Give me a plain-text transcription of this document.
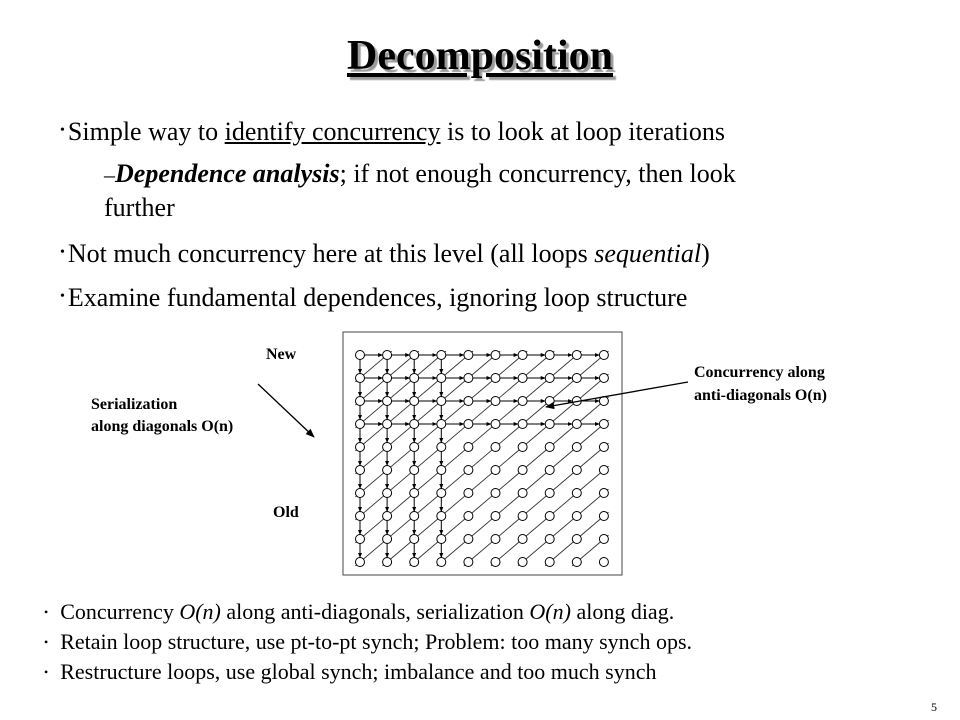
Decomposition
• Simple way to identify concurrency is to look at loop iterations
–Dependence analysis; if not enough concurrency, then look
further
• Not much concurrency here at this level (all loops sequential)
• Examine fundamental dependences, ignoring loop structure
New
Old
Serialization
along diagonals O(n)
Concurrency along
anti-diagonals O(n)
• Concurrency O(n) along anti-diagonals, serialization O(n) along diag.
• Retain loop structure, use pt-to-pt synch; Problem: too many synch ops.
• Restructure loops, use global synch; imbalance and too much synch
5
